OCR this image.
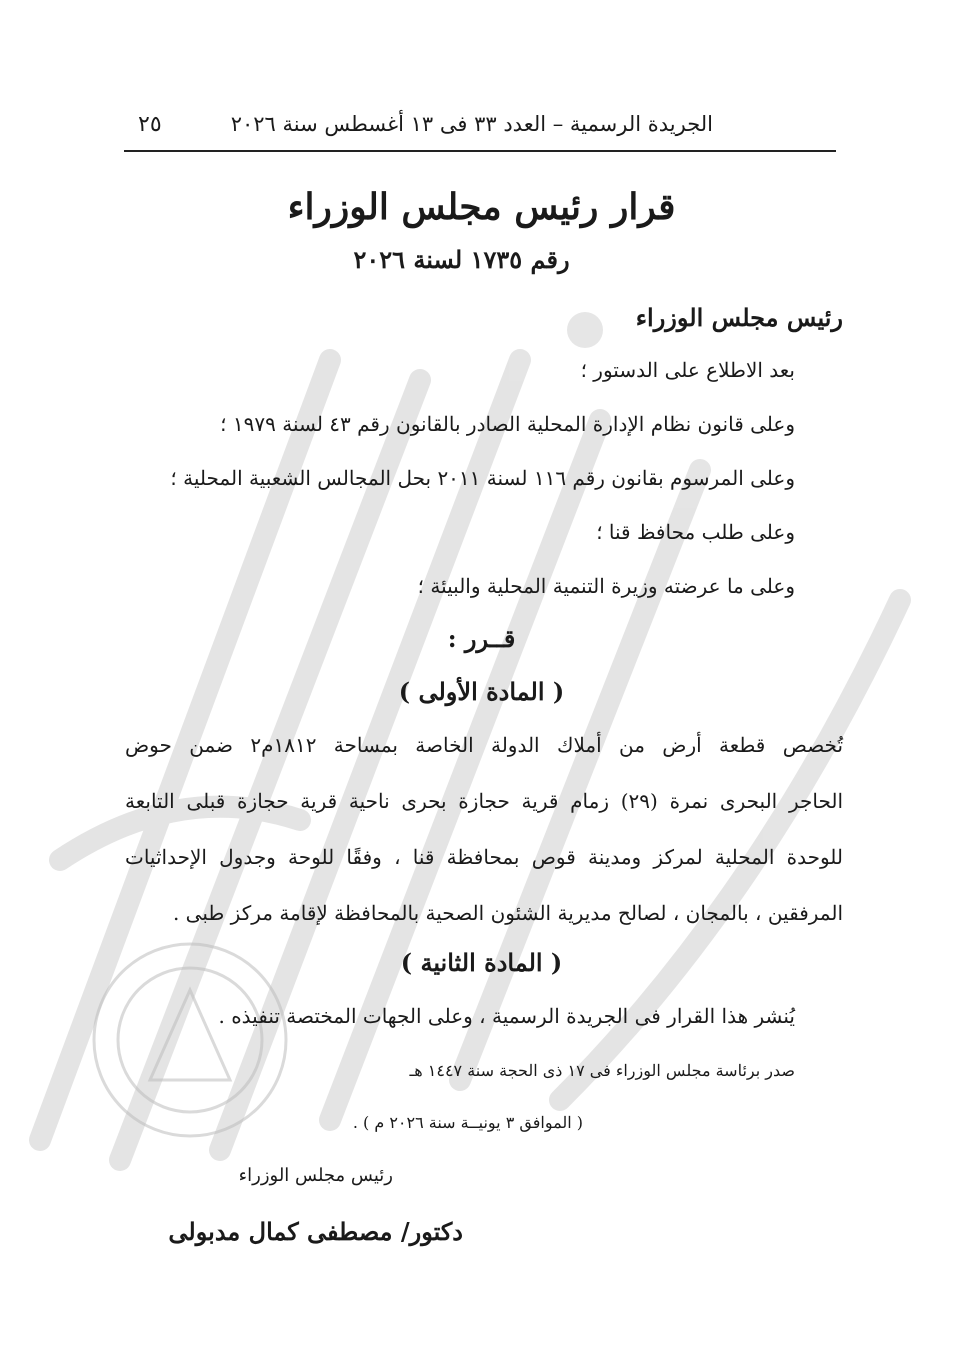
٢٥	الجريدة الرسمية – العدد ٣٣ فى ١٣ أغسطس سنة ٢٠٢٦
قرار رئيس مجلس الوزراء
رقم ١٧٣٥ لسنة ٢٠٢٦
رئيس مجلس الوزراء
بعد الاطلاع على الدستور ؛
وعلى قانون نظام الإدارة المحلية الصادر بالقانون رقم ٤٣ لسنة ١٩٧٩ ؛
وعلى المرسوم بقانون رقم ١١٦ لسنة ٢٠١١ بحل المجالس الشعبية المحلية ؛
وعلى طلب محافظ قنا ؛
وعلى ما عرضته وزيرة التنمية المحلية والبيئة ؛
قــرر :
( المادة الأولى )
تُخصص قطعة أرض من أملاك الدولة الخاصة بمساحة ١٨١٢م٢ ضمن حوض
الحاجر البحرى نمرة (٢٩) زمام قرية حجازة بحرى ناحية قرية حجازة قبلى التابعة
للوحدة المحلية لمركز ومدينة قوص بمحافظة قنا ، وفقًا للوحة وجدول الإحداثيات
المرفقين ، بالمجان ، لصالح مديرية الشئون الصحية بالمحافظة لإقامة مركز طبى .
( المادة الثانية )
يُنشر هذا القرار فى الجريدة الرسمية ، وعلى الجهات المختصة تنفيذه .
صدر برئاسة مجلس الوزراء فى ١٧ ذى الحجة سنة ١٤٤٧ هـ
( الموافق ٣ يونيــة سنة ٢٠٢٦ م ) .
رئيس مجلس الوزراء
دكتور/ مصطفى كمال مدبولى
